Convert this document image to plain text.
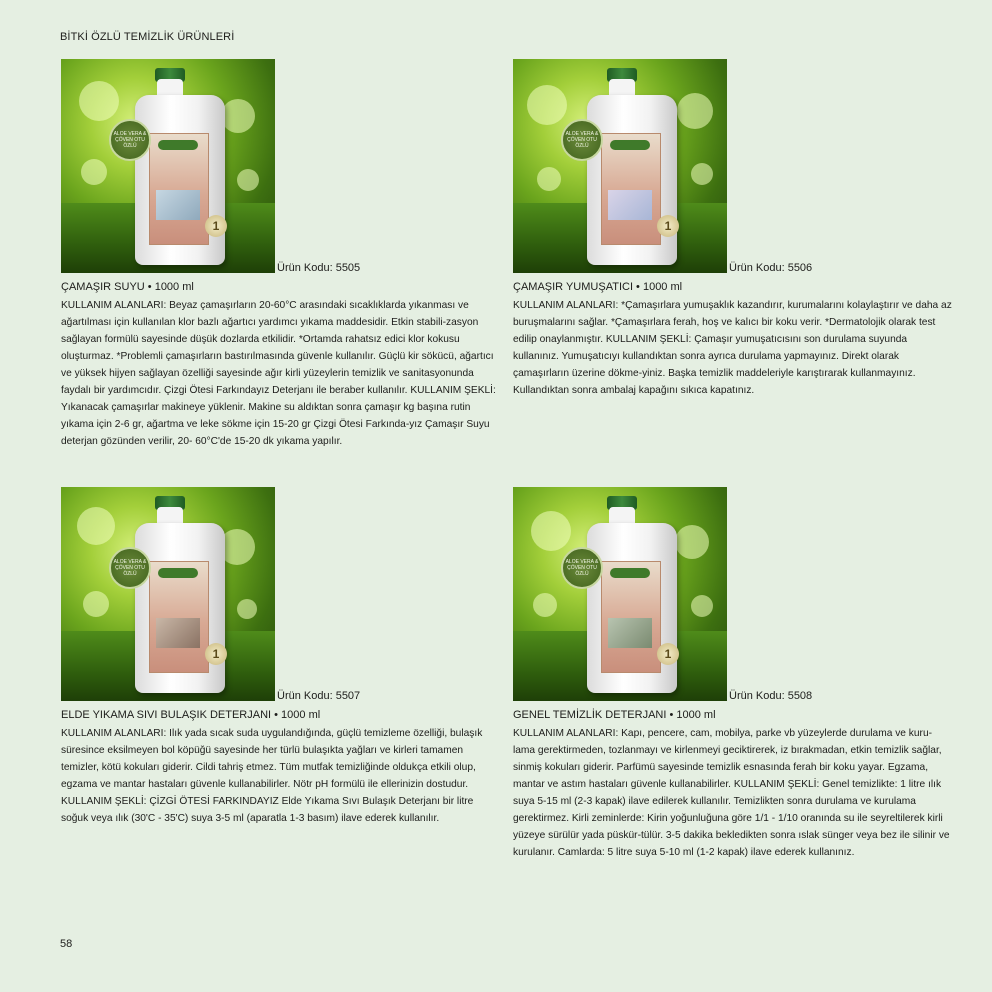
BİTKİ ÖZLÜ TEMİZLİK ÜRÜNLERİ
ALOE VERA & ÇÖVEN OTU ÖZLÜ
1
Ürün Kodu: 5505
ÇAMAŞIR SUYU • 1000 ml
KULLANIM ALANLARI: Beyaz çamaşırların 20-60°C arasındaki sıcaklıklarda yıkanması ve ağartılması için kullanılan klor bazlı ağartıcı yardımcı yıkama maddesidir. Etkin stabili-zasyon sağlayan formülü sayesinde düşük dozlarda etkilidir. *Ortamda rahatsız edici klor kokusu oluşturmaz. *Problemli çamaşırların bastırılmasında güvenle kullanılır. Güçlü kir sökücü, ağartıcı ve yüksek hijyen sağlayan özelliği sayesinde ağır kirli yüzeylerin temizlik ve sanitasyonunda faydalı bir yardımcıdır. Çizgi Ötesi Farkındayız Deterjanı ile beraber kullanılır. KULLANIM ŞEKLİ: Yıkanacak çamaşırlar makineye yüklenir. Makine su aldıktan sonra çamaşır kg başına rutin yıkama için 2-6 gr, ağartma ve leke sökme için 15-20 gr Çizgi Ötesi Farkında-yız Çamaşır Suyu deterjan gözünden verilir, 20- 60°C'de 15-20 dk yıkama yapılır.
ALOE VERA & ÇÖVEN OTU ÖZLÜ
1
Ürün Kodu: 5506
ÇAMAŞIR YUMUŞATICI • 1000 ml
KULLANIM ALANLARI: *Çamaşırlara yumuşaklık kazandırır, kurumalarını kolaylaştırır ve daha az buruşmalarını sağlar. *Çamaşırlara ferah, hoş ve kalıcı bir koku verir. *Dermatolojik olarak test edilip onaylanmıştır. KULLANIM ŞEKLİ: Çamaşır yumuşatıcısını son durulama suyunda kullanınız. Yumuşatıcıyı kullandıktan sonra ayrıca durulama yapmayınız. Direkt olarak çamaşırların üzerine dökme-yiniz. Başka temizlik maddeleriyle karıştırarak kullanmayınız. Kullandıktan sonra ambalaj kapağını sıkıca kapatınız.
ALOE VERA & ÇÖVEN OTU ÖZLÜ
1
Ürün Kodu: 5507
ELDE YIKAMA SIVI BULAŞIK DETERJANI • 1000 ml
KULLANIM ALANLARI: Ilık yada sıcak suda uygulandığında, güçlü temizleme özelliği, bulaşık süresince eksilmeyen bol köpüğü sayesinde her türlü bulaşıkta yağları ve kirleri tamamen temizler, kötü kokuları giderir. Cildi tahriş etmez. Tüm mutfak temizliğinde oldukça etkili olup, egzama ve mantar hastaları güvenle kullanabilirler. Nötr pH formülü ile ellerinizin dostudur. KULLANIM ŞEKLİ: ÇİZGİ ÖTESİ FARKINDAYIZ Elde Yıkama Sıvı Bulaşık Deterjanı bir litre soğuk veya ılık (30'C - 35'C) suya 3-5 ml (aparatla 1-3 basım) ilave ederek kullanılır.
ALOE VERA & ÇÖVEN OTU ÖZLÜ
1
Ürün Kodu: 5508
GENEL TEMİZLİK DETERJANI • 1000 ml
KULLANIM ALANLARI: Kapı, pencere, cam, mobilya, parke vb yüzeylerde durulama ve kuru-lama gerektirmeden, tozlanmayı ve kirlenmeyi geciktirerek, iz bırakmadan, etkin temizlik sağlar, sinmiş kokuları giderir. Parfümü sayesinde temizlik esnasında ferah bir koku yayar. Egzama, mantar ve astım hastaları güvenle kullanabilirler. KULLANIM ŞEKLİ: Genel temizlikte: 1 litre ılık suya 5-15 ml (2-3 kapak) ilave edilerek kullanılır. Temizlikten sonra durulama ve kurulama gerektirmez. Kirli zeminlerde: Kirin yoğunluğuna göre 1/1 - 1/10 oranında su ile seyreltilerek kirli yüzeye sürülür yada püskür-tülür. 3-5 dakika bekledikten sonra ıslak sünger veya bez ile silinir ve kurulanır. Camlarda: 5 litre suya 5-10 ml (1-2 kapak) ilave ederek kullanınız.
58
